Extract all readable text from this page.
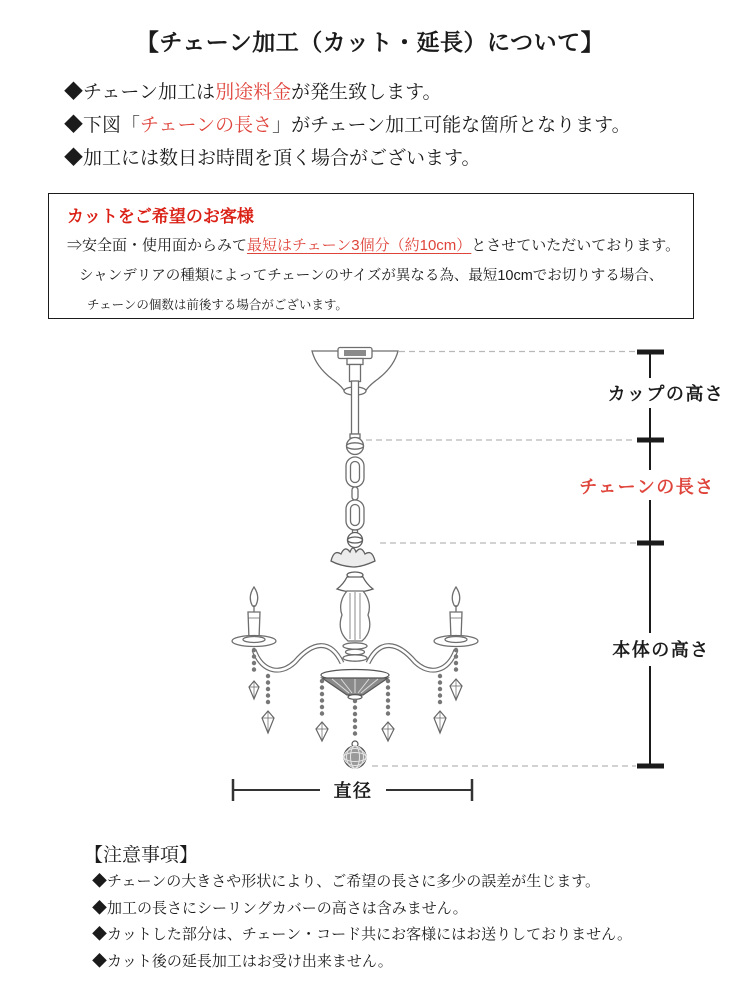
【チェーン加工（カット・延長）について】
◆チェーン加工は別途料金が発生致します。
◆下図「チェーンの長さ」がチェーン加工可能な箇所となります。
◆加工には数日お時間を頂く場合がございます。
カットをご希望のお客様
⇒安全面・使用面からみて最短はチェーン3個分（約10cm）とさせていただいております。
シャンデリアの種類によってチェーンのサイズが異なる為、最短10cmでお切りする場合、
チェーンの個数は前後する場合がございます。
カップの高さ
チェーンの長さ
本体の高さ
直径
【注意事項】
◆チェーンの大きさや形状により、ご希望の長さに多少の誤差が生じます。
◆加工の長さにシーリングカバーの高さは含みません。
◆カットした部分は、チェーン・コード共にお客様にはお送りしておりません。
◆カット後の延長加工はお受け出来ません。
